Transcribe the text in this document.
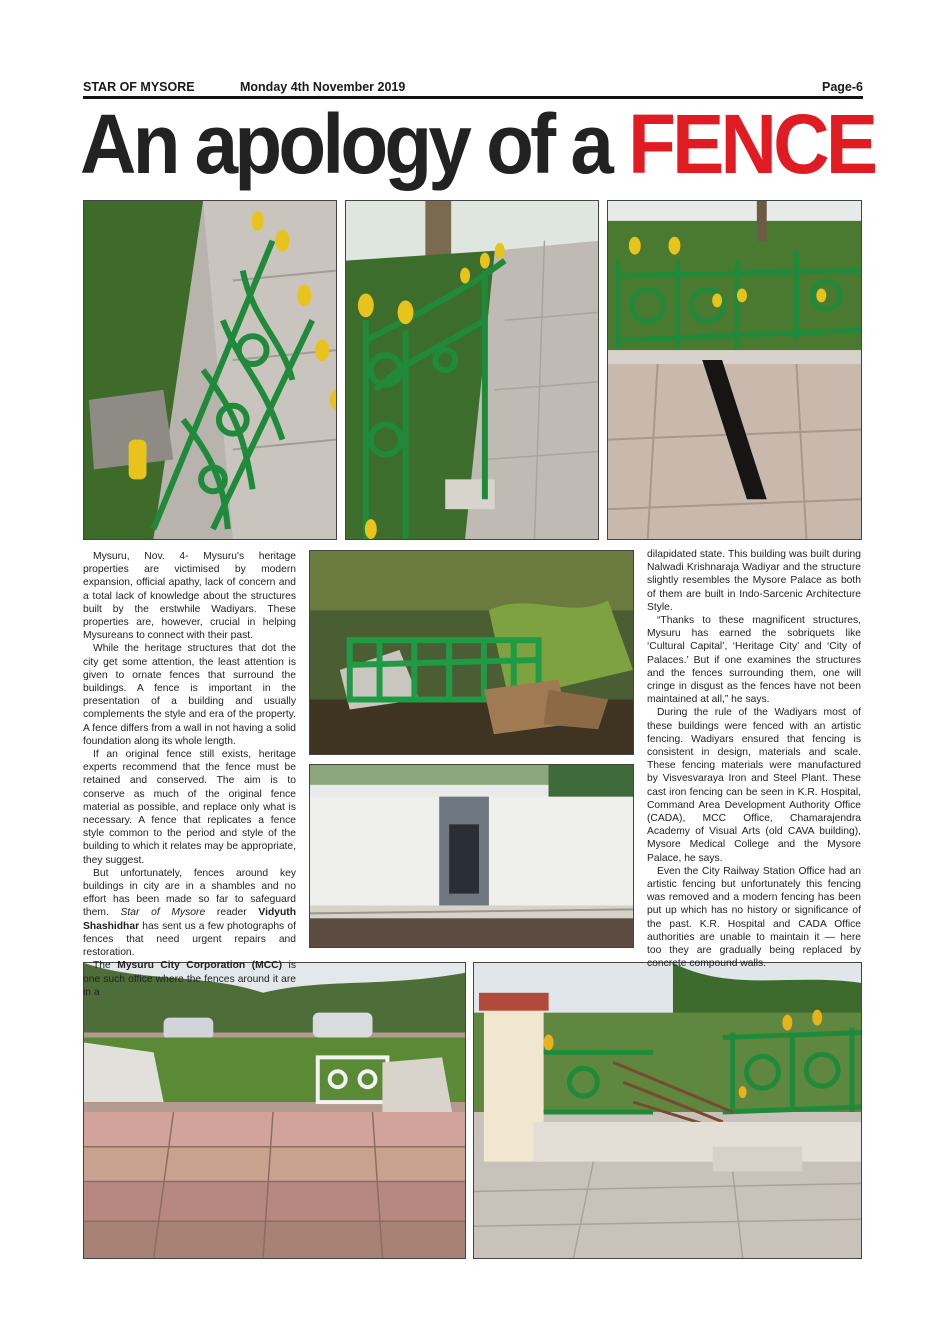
STAR OF MYSORE	Monday 4th November 2019	Page-6
An apology of a FENCE

Mysuru, Nov. 4- Mysuru's heritage properties are victimised by modern expansion, official apathy, lack of concern and a total lack of knowledge about the structures built by the erstwhile Wadiyars. These properties are, however, crucial in helping Mysureans to connect with their past.

While the heritage structures that dot the city get some attention, the least attention is given to ornate fences that surround the buildings. A fence is important in the presentation of a building and usually complements the style and era of the property. A fence differs from a wall in not having a solid foundation along its whole length.

If an original fence still exists, heritage experts recommend that the fence must be retained and conserved. The aim is to conserve as much of the original fence material as possible, and replace only what is necessary. A fence that replicates a fence style common to the period and style of the building to which it relates may be appropriate, they suggest.

But unfortunately, fences around key buildings in city are in a shambles and no effort has been made so far to safeguard them. Star of Mysore reader Vidyuth Shashidhar has sent us a few photographs of fences that need urgent repairs and restoration.

The Mysuru City Corporation (MCC) is one such office where the fences around it are in a

dilapidated state. This building was built during Nalwadi Krishnaraja Wadiyar and the structure slightly resembles the Mysore Palace as both of them are built in Indo-Sarcenic Architecture Style.

“Thanks to these magnificent structures, Mysuru has earned the sobriquets like ‘Cultural Capital’, ‘Heritage City’ and ‘City of Palaces.’ But if one examines the structures and the fences surrounding them, one will cringe in disgust as the fences have not been maintained at all,” he says.

During the rule of the Wadiyars most of these buildings were fenced with an artistic fencing. Wadiyars ensured that fencing is consistent in design, materials and scale. These fencing materials were manufactured by Visvesvaraya Iron and Steel Plant. These cast iron fencing can be seen in K.R. Hospital, Command Area Development Authority Office (CADA), MCC Office, Chamarajendra Academy of Visual Arts (old CAVA building), Mysore Medical College and the Mysore Palace, he says.

Even the City Railway Station Office had an artistic fencing but unfortunately this fencing was removed and a modern fencing has been put up which has no history or significance of the past. K.R. Hospital and CADA Office authorities are unable to maintain it — here too they are gradually being replaced by concrete compound walls.
